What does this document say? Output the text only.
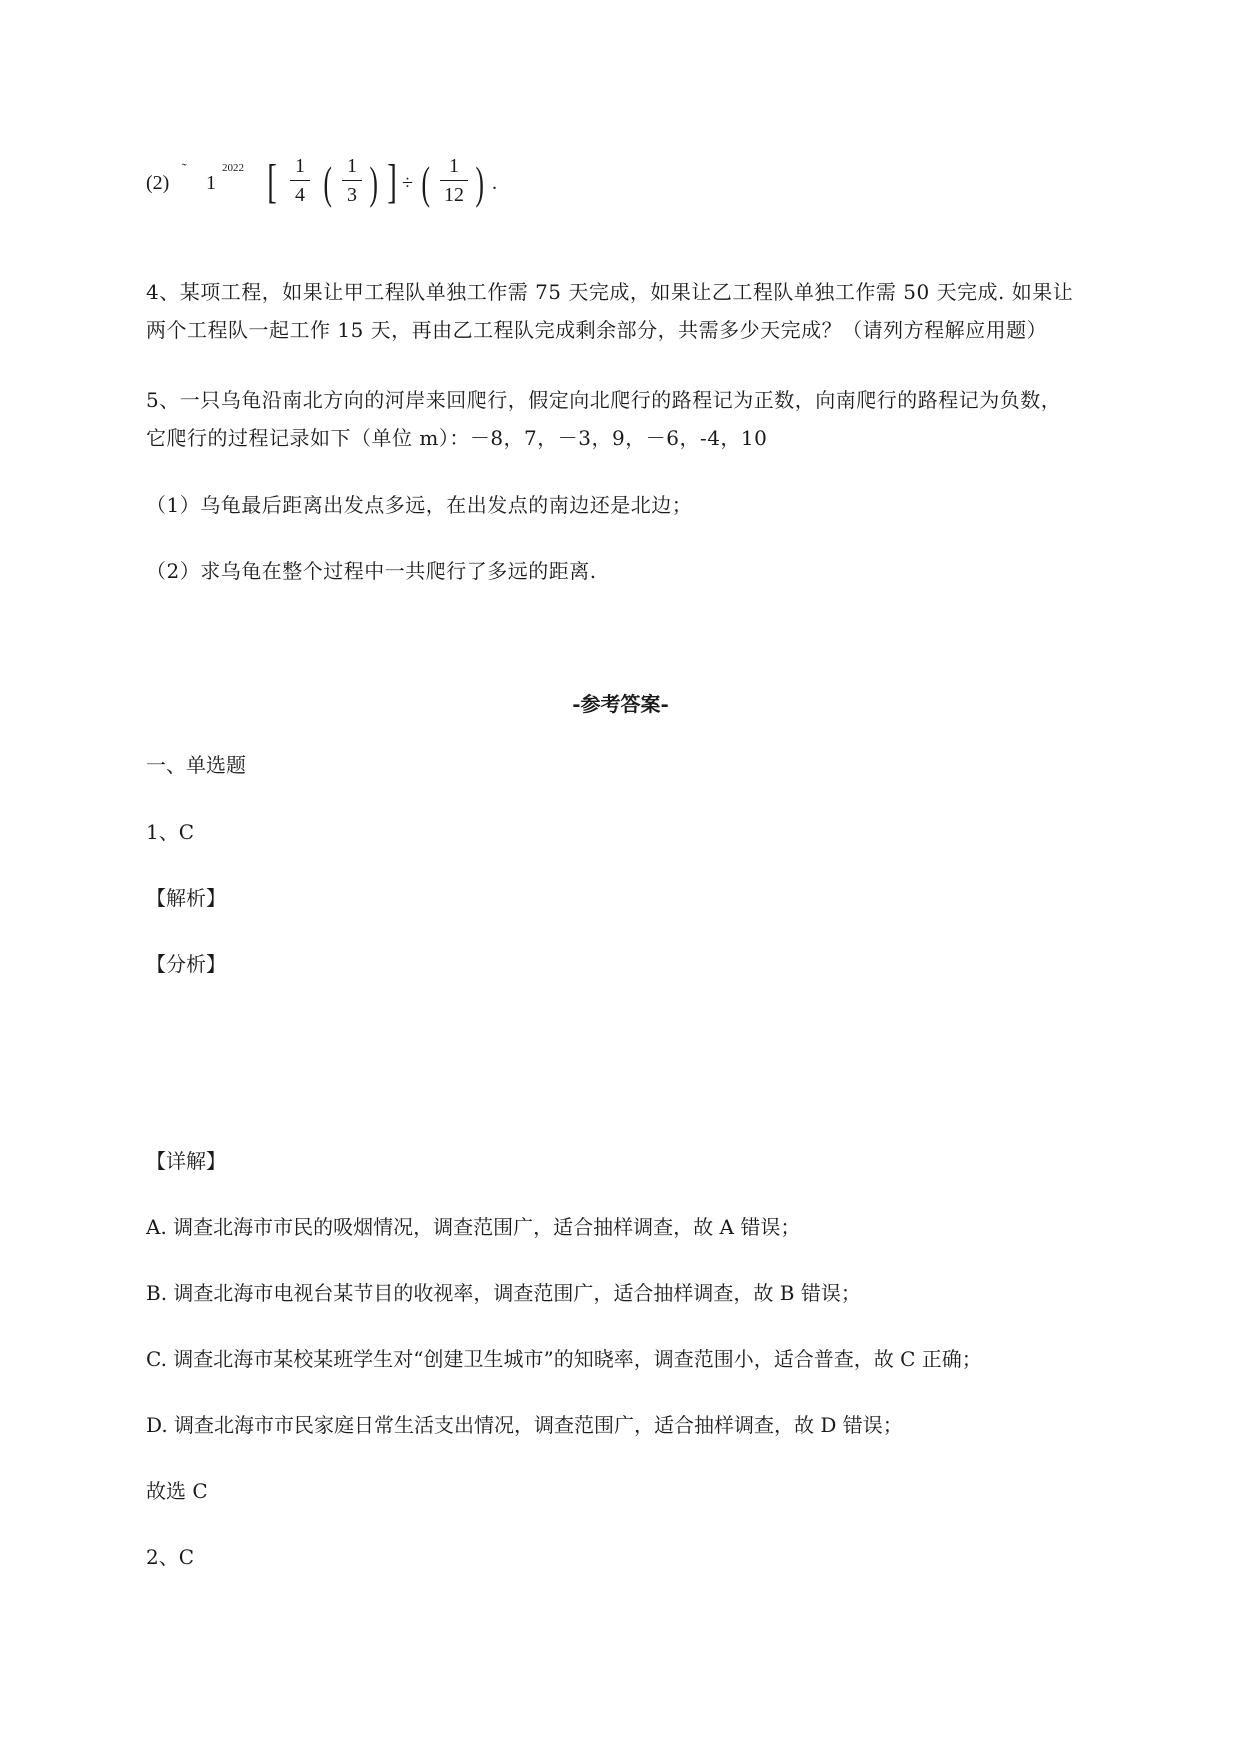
(2)
˜
1
2022 [ 1
4 ( 1
3 ) ] ÷ ( 1
12 ) .
4、某项工程，如果让甲工程队单独工作需 75 天完成，如果让乙工程队单独工作需 50 天完成. 如果让
两个工程队一起工作 15 天，再由乙工程队完成剩余部分，共需多少天完成？（请列方程解应用题）
5、一只乌龟沿南北方向的河岸来回爬行，假定向北爬行的路程记为正数，向南爬行的路程记为负数，
它爬行的过程记录如下（单位 m）：－8，7，－3，9，－6，-4，10
（1）乌龟最后距离出发点多远，在出发点的南边还是北边；
（2）求乌龟在整个过程中一共爬行了多远的距离.
-参考答案-
一、单选题
1、C
【解析】
【分析】
【详解】
A. 调查北海市市民的吸烟情况，调查范围广，适合抽样调查，故 A 错误；
B. 调查北海市电视台某节目的收视率，调查范围广，适合抽样调查，故 B 错误；
C. 调查北海市某校某班学生对“创建卫生城市”的知晓率，调查范围小，适合普查，故 C 正确；
D. 调查北海市市民家庭日常生活支出情况，调查范围广，适合抽样调查，故 D 错误；
故选 C
2、C
